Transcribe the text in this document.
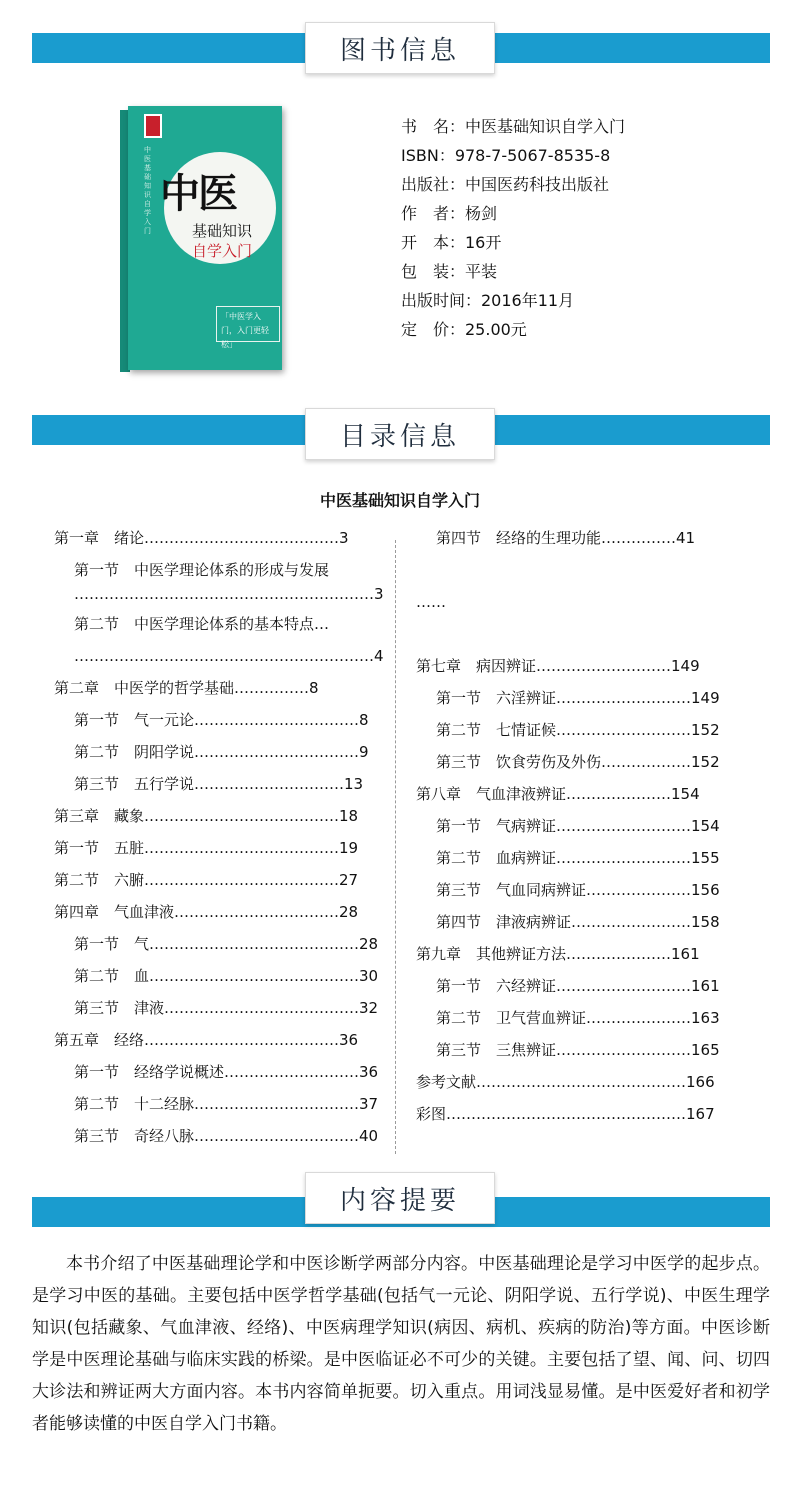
图书信息
中医基础知识自学入门
中医
基础知识
自学入门
「中医学入门，入门更轻松」
书　名：中医基础知识自学入门
ISBN：978-7-5067-8535-8
出版社：中国医药科技出版社
作　者：杨剑
开　本：16开
包　装：平装
出版时间：2016年11月
定　价：25.00元
目录信息
中医基础知识自学入门
第一章　绪论…………………………………3
第一节　中医学理论体系的形成与发展
……………………………………………………3
第二节　中医学理论体系的基本特点…
……………………………………………………4
第二章　中医学的哲学基础……………8
第一节　气一元论……………………………8
第二节　阴阳学说……………………………9
第三节　五行学说…………………………13
第三章　藏象…………………………………18
第一节　五脏…………………………………19
第二节　六腑…………………………………27
第四章　气血津液……………………………28
第一节　气……………………………………28
第二节　血……………………………………30
第三节　津液…………………………………32
第五章　经络…………………………………36
第一节　经络学说概述………………………36
第二节　十二经脉……………………………37
第三节　奇经八脉……………………………40
第四节　经络的生理功能……………41
……
第七章　病因辨证………………………149
第一节　六淫辨证………………………149
第二节　七情证候………………………152
第三节　饮食劳伤及外伤………………152
第八章　气血津液辨证…………………154
第一节　气病辨证………………………154
第二节　血病辨证………………………155
第三节　气血同病辨证…………………156
第四节　津液病辨证……………………158
第九章　其他辨证方法…………………161
第一节　六经辨证………………………161
第二节　卫气营血辨证…………………163
第三节　三焦辨证………………………165
参考文献……………………………………166
彩图…………………………………………167
内容提要
本书介绍了中医基础理论学和中医诊断学两部分内容。中医基础理论是学习中医学的起步点。是学习中医的基础。主要包括中医学哲学基础(包括气一元论、阴阳学说、五行学说)、中医生理学知识(包括藏象、气血津液、经络)、中医病理学知识(病因、病机、疾病的防治)等方面。中医诊断学是中医理论基础与临床实践的桥梁。是中医临证必不可少的关键。主要包括了望、闻、问、切四大诊法和辨证两大方面内容。本书内容简单扼要。切入重点。用词浅显易懂。是中医爱好者和初学者能够读懂的中医自学入门书籍。
